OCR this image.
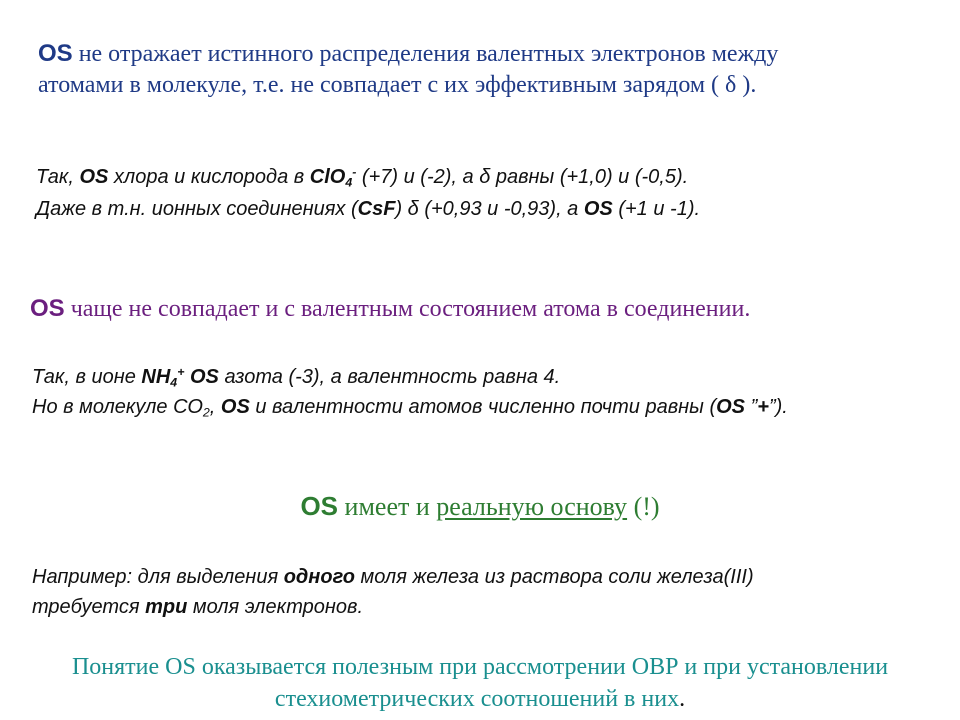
OS не отражает истинного распределения валентных электронов между
атомами в молекуле, т.е. не совпадает с их эффективным зарядом ( δ ).
Так, OS хлора и кислорода в ClO$_4$- (+7) и (-2), а δ равны (+1,0) и (-0,5).
Даже в т.н. ионных соединениях (CsF) δ (+0,93 и -0,93), а OS (+1 и -1).
OS чаще не совпадает и с валентным состоянием атома в соединении.
Так, в ионе $NH_4^+$ OS азота (-3), а валентность равна 4.
Но в молекуле $СО_2$, OS и валентности атомов численно почти равны (OS ”+”).
OS имеет и реальную основу (!)
Например: для выделения одного моля железа из раствора соли железа(III)
требуется три моля электронов.
Понятие OS оказывается полезным при рассмотрении ОВР и при установлении
стехиометрических соотношений в них.
